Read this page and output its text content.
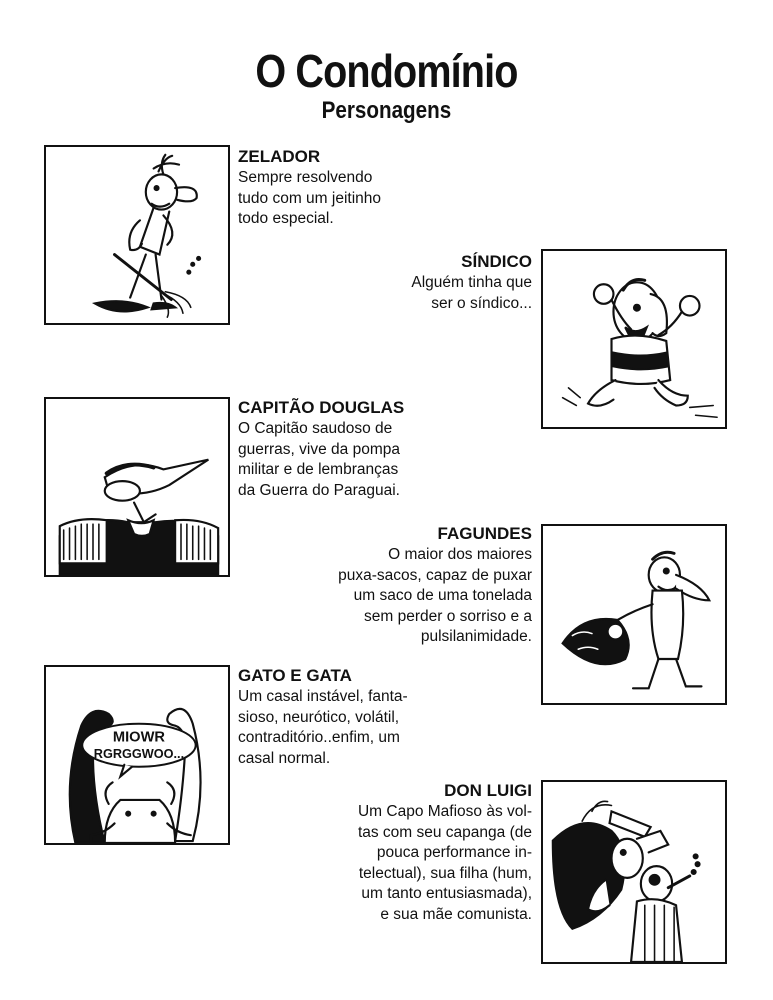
O Condomínio
Personagens
ZELADOR
Sempre resolvendo
tudo com um jeitinho
todo especial.
SÍNDICO
Alguém tinha que
ser o síndico...
CAPITÃO DOUGLAS
O Capitão saudoso de
guerras, vive da pompa
militar e de lembranças
da Guerra do Paraguai.
FAGUNDES
O maior dos maiores
puxa-sacos, capaz de puxar
um saco de uma tonelada
sem perder o sorriso e a
pulsilanimidade.
MIOWR
RGRGGWOO...
GATO E GATA
Um casal instável, fanta-
sioso, neurótico, volátil,
contraditório..enfim, um
casal normal.
DON LUIGI
Um Capo Mafioso às vol-
tas com seu capanga (de
pouca performance in-
telectual), sua filha (hum,
um tanto entusiasmada),
e sua mãe comunista.
